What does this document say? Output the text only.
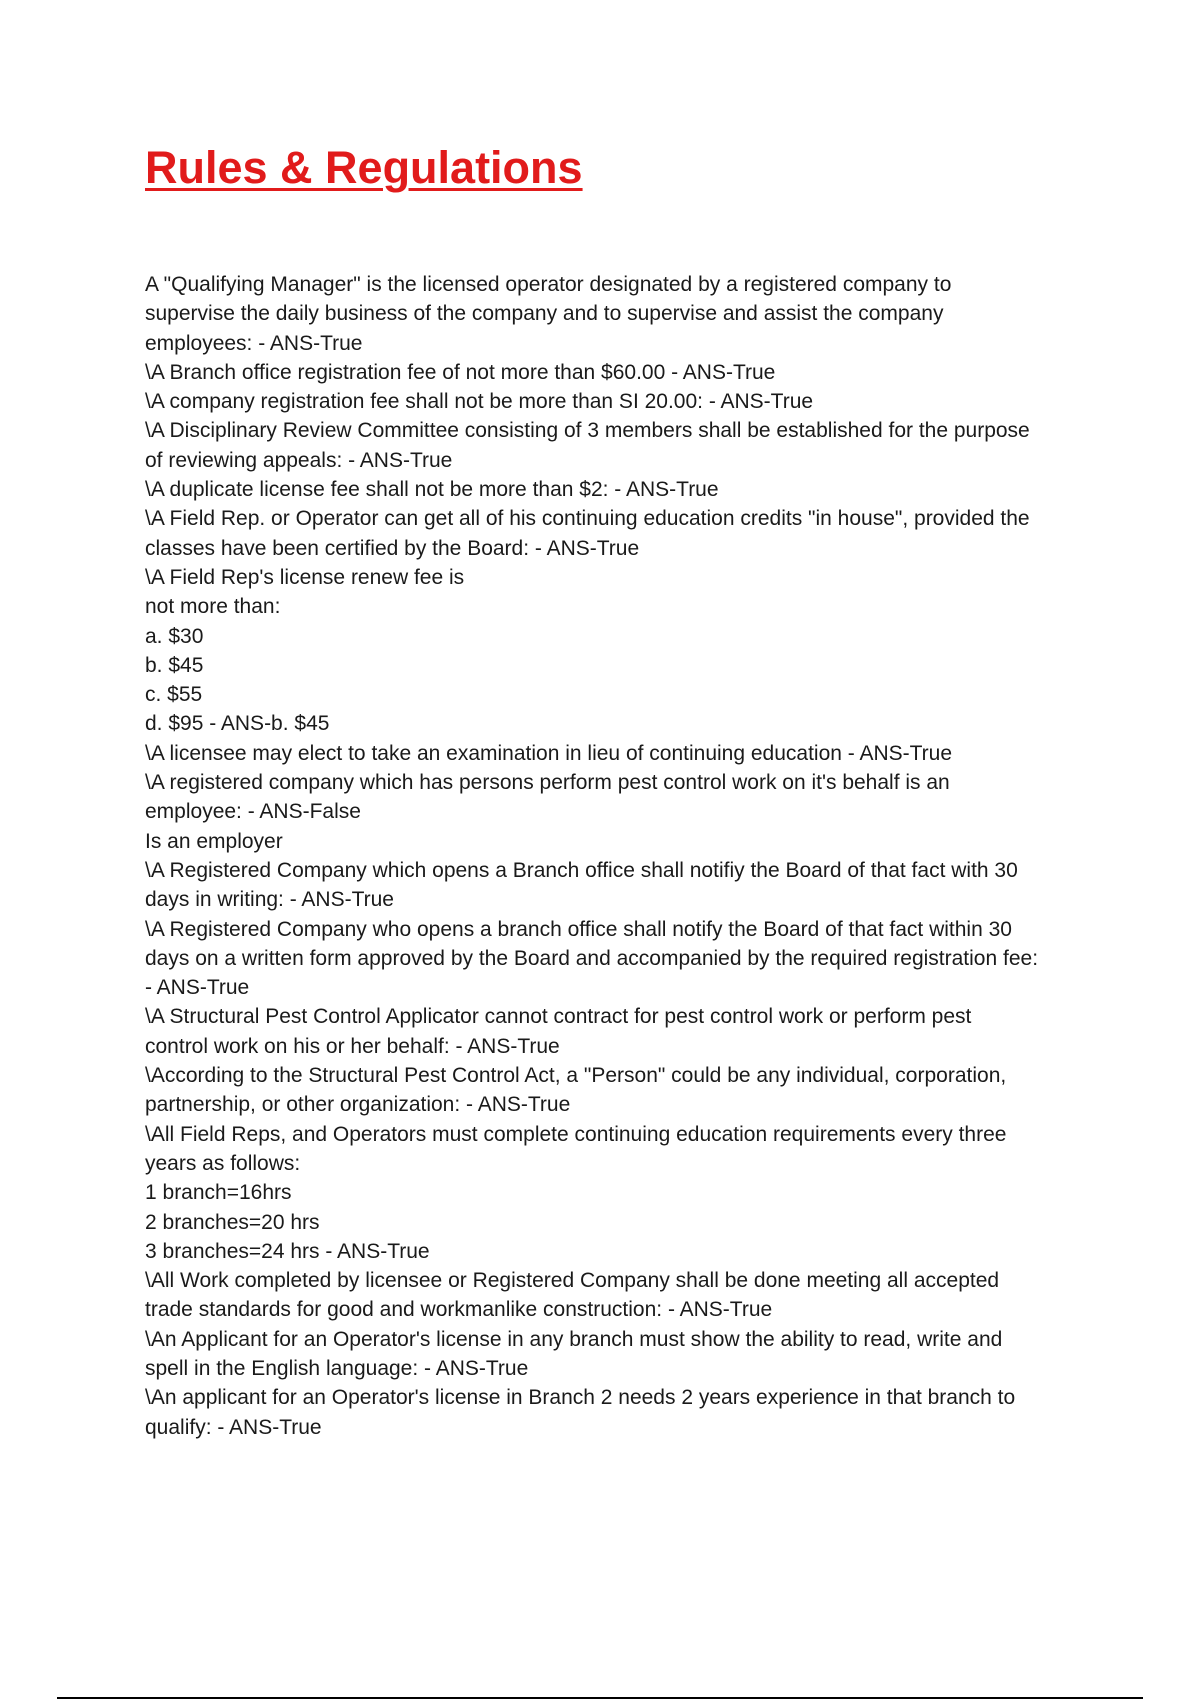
Rules & Regulations
A "Qualifying Manager" is the licensed operator designated by a registered company to
supervise the daily business of the company and to supervise and assist the company
employees: - ANS-True
\A Branch office registration fee of not more than $60.00 - ANS-True
\A company registration fee shall not be more than SI 20.00: - ANS-True
\A Disciplinary Review Committee consisting of 3 members shall be established for the purpose
of reviewing appeals: - ANS-True
\A duplicate license fee shall not be more than $2: - ANS-True
\A Field Rep. or Operator can get all of his continuing education credits "in house", provided the
classes have been certified by the Board: - ANS-True
\A Field Rep's license renew fee is
not more than:
a. $30
b. $45
c. $55
d. $95 - ANS-b. $45
\A licensee may elect to take an examination in lieu of continuing education - ANS-True
\A registered company which has persons perform pest control work on it's behalf is an
employee: - ANS-False
Is an employer
\A Registered Company which opens a Branch office shall notifiy the Board of that fact with 30
days in writing: - ANS-True
\A Registered Company who opens a branch office shall notify the Board of that fact within 30
days on a written form approved by the Board and accompanied by the required registration fee:
- ANS-True
\A Structural Pest Control Applicator cannot contract for pest control work or perform pest
control work on his or her behalf: - ANS-True
\According to the Structural Pest Control Act, a "Person" could be any individual, corporation,
partnership, or other organization: - ANS-True
\All Field Reps, and Operators must complete continuing education requirements every three
years as follows:
1 branch=16hrs
2 branches=20 hrs
3 branches=24 hrs - ANS-True
\All Work completed by licensee or Registered Company shall be done meeting all accepted
trade standards for good and workmanlike construction: - ANS-True
\An Applicant for an Operator's license in any branch must show the ability to read, write and
spell in the English language: - ANS-True
\An applicant for an Operator's license in Branch 2 needs 2 years experience in that branch to
qualify: - ANS-True
